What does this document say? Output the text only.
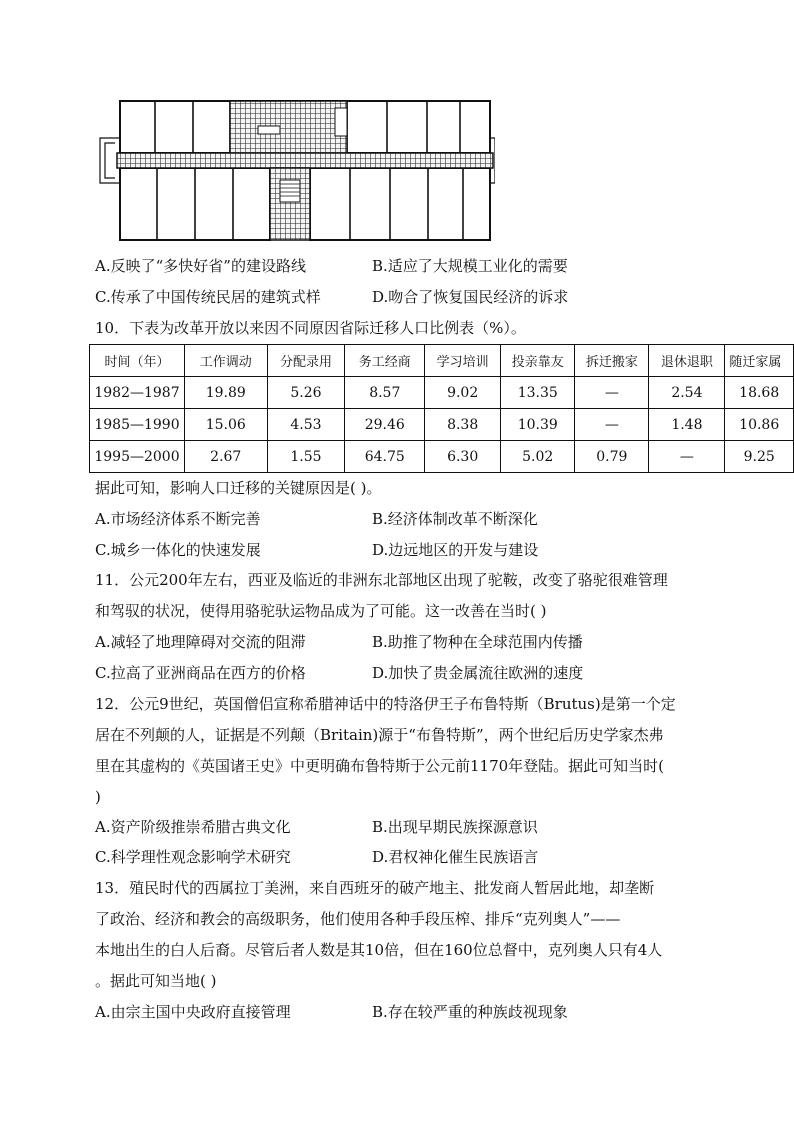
A.反映了“多快好省”的建设路线	B.适应了大规模工业化的需要
C.传承了中国传统民居的建筑式样	D.吻合了恢复国民经济的诉求
10．下表为改革开放以来因不同原因省际迁移人口比例表（%）。
时间（年）	工作调动	分配录用	务工经商	学习培训	投亲靠友	拆迁搬家	退休退职	随迁家属
1982—1987	19.89	5.26	8.57	9.02	13.35	—	2.54	18.68
1985—1990	15.06	4.53	29.46	8.38	10.39	—	1.48	10.86
1995—2000	2.67	1.55	64.75	6.30	5.02	0.79	—	9.25
据此可知，影响人口迁移的关键原因是( )。
A.市场经济体系不断完善	B.经济体制改革不断深化
C.城乡一体化的快速发展	D.边远地区的开发与建设
11．公元200年左右，西亚及临近的非洲东北部地区出现了驼鞍，改变了骆驼很难管理
和驾驭的状况，使得用骆驼驮运物品成为了可能。这一改善在当时( )
A.减轻了地理障碍对交流的阻滞	B.助推了物种在全球范围内传播
C.拉高了亚洲商品在西方的价格	D.加快了贵金属流往欧洲的速度
12．公元9世纪，英国僧侣宣称希腊神话中的特洛伊王子布鲁特斯（Brutus)是第一个定
居在不列颠的人，证据是不列颠（Britain)源于“布鲁特斯”，两个世纪后历史学家杰弗
里在其虚构的《英国诸王史》中更明确布鲁特斯于公元前1170年登陆。据此可知当时(
)
A.资产阶级推崇希腊古典文化	B.出现早期民族探源意识
C.科学理性观念影响学术研究	D.君权神化催生民族语言
13．殖民时代的西属拉丁美洲，来自西班牙的破产地主、批发商人暂居此地，却垄断
了政治、经济和教会的高级职务，他们使用各种手段压榨、排斥“克列奥人”——
本地出生的白人后裔。尽管后者人数是其10倍，但在160位总督中，克列奥人只有4人
。据此可知当地( )
A.由宗主国中央政府直接管理	B.存在较严重的种族歧视现象
